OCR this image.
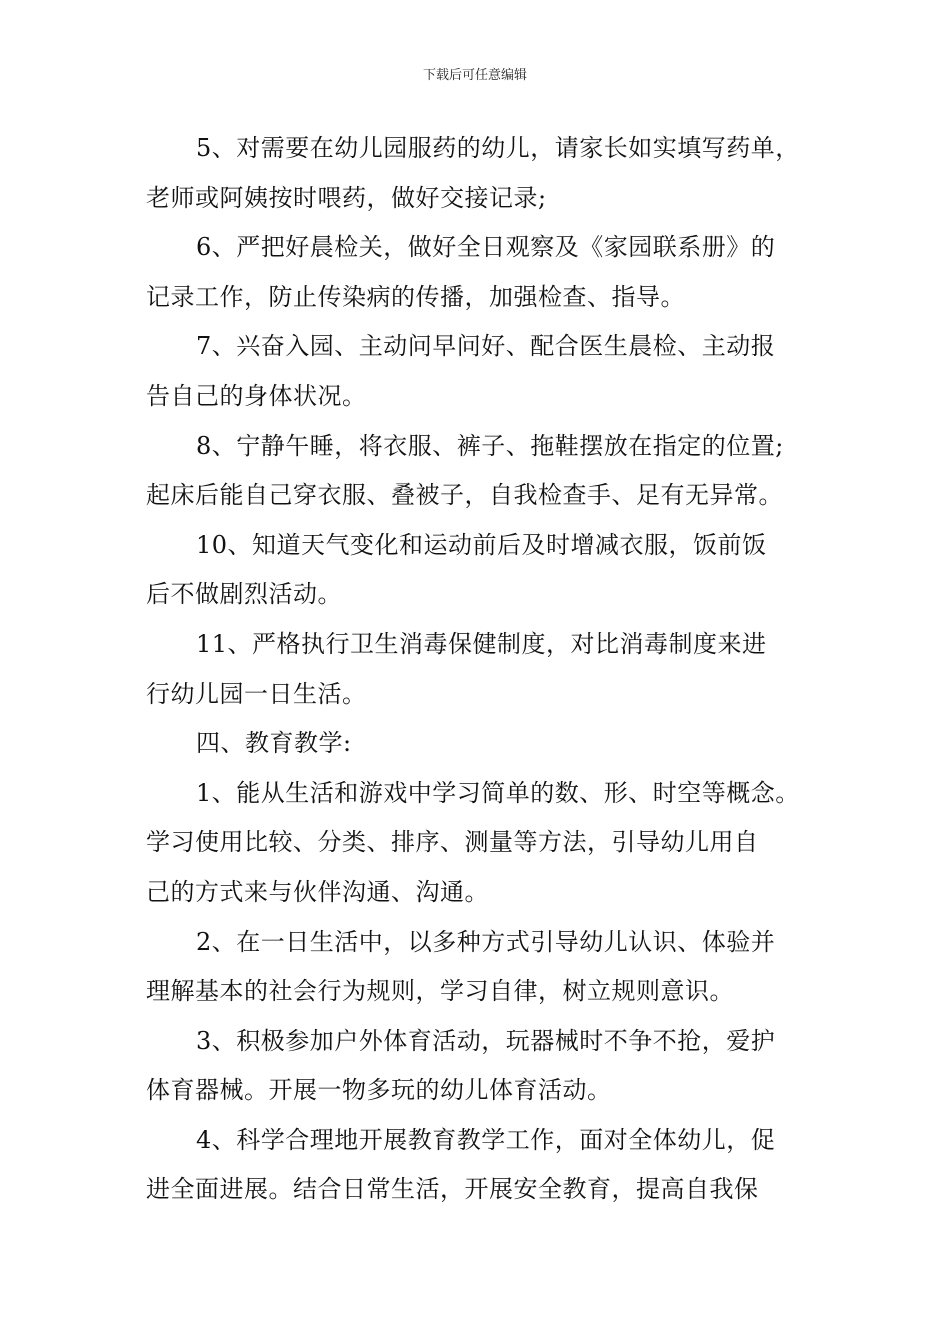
下载后可任意编辑
5、对需要在幼儿园服药的幼儿，请家长如实填写药单，
老师或阿姨按时喂药，做好交接记录;
6、严把好晨检关，做好全日观察及《家园联系册》的
记录工作，防止传染病的传播，加强检查、指导。
7、兴奋入园、主动问早问好、配合医生晨检、主动报
告自己的身体状况。
8、宁静午睡，将衣服、裤子、拖鞋摆放在指定的位置;
起床后能自己穿衣服、叠被子，自我检查手、足有无异常。
10、知道天气变化和运动前后及时增减衣服，饭前饭
后不做剧烈活动。
11、严格执行卫生消毒保健制度，对比消毒制度来进
行幼儿园一日生活。
四、教育教学:
1、能从生活和游戏中学习简单的数、形、时空等概念。
学习使用比较、分类、排序、测量等方法，引导幼儿用自
己的方式来与伙伴沟通、沟通。
2、在一日生活中，以多种方式引导幼儿认识、体验并
理解基本的社会行为规则，学习自律，树立规则意识。
3、积极参加户外体育活动，玩器械时不争不抢，爱护
体育器械。开展一物多玩的幼儿体育活动。
4、科学合理地开展教育教学工作，面对全体幼儿，促
进全面进展。结合日常生活，开展安全教育，提高自我保
